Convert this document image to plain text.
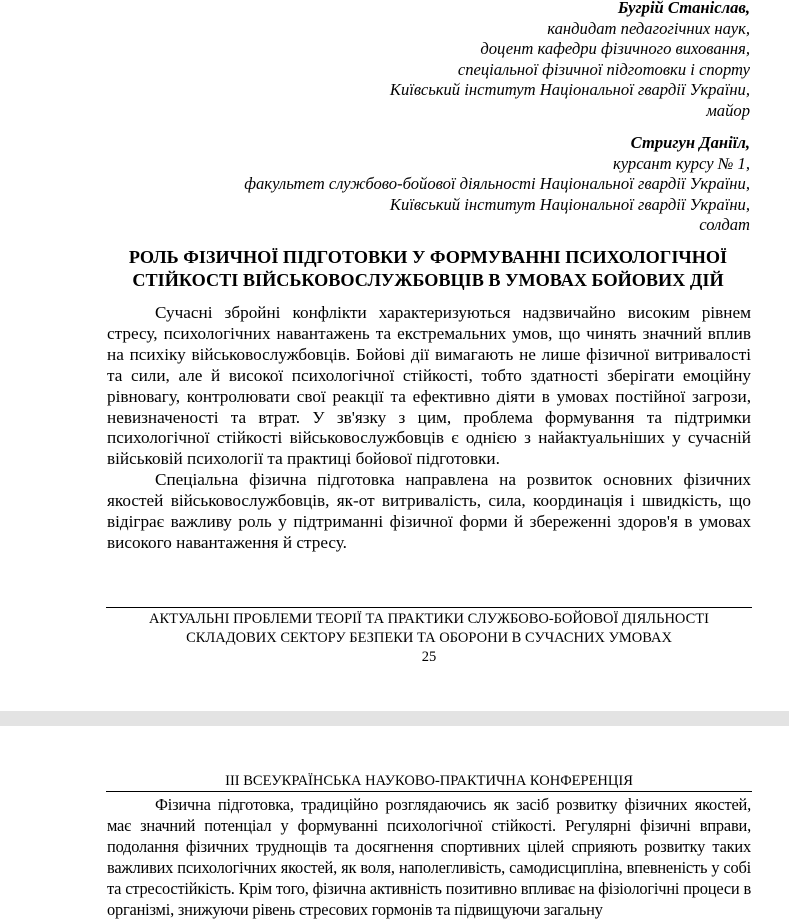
Бугрій Станіслав,
кандидат педагогічних наук,
доцент кафедри фізичного виховання,
спеціальної фізичної підготовки і спорту
Київський інститут Національної гвардії України,
майор
Стригун Даніїл,
курсант курсу № 1,
факультет службово-бойової діяльності Національної гвардії України,
Київський інститут Національної гвардії України,
солдат
РОЛЬ ФІЗИЧНОЇ ПІДГОТОВКИ У ФОРМУВАННІ ПСИХОЛОГІЧНОЇ
СТІЙКОСТІ ВІЙСЬКОВОСЛУЖБОВЦІВ В УМОВАХ БОЙОВИХ ДІЙ

Сучасні збройні конфлікти характеризуються надзвичайно високим рівнем стресу, психологічних навантажень та екстремальних умов, що чинять значний вплив на психіку військовослужбовців. Бойові дії вимагають не лише фізичної витривалості та сили, але й високої психологічної стійкості, тобто здатності зберігати емоційну рівновагу, контролювати свої реакції та ефективно діяти в умовах постійної загрози, невизначеності та втрат. У зв'язку з цим, проблема формування та підтримки психологічної стійкості військовослужбовців є однією з найактуальніших у сучасній військовій психології та практиці бойової підготовки.

Спеціальна фізична підготовка направлена на розвиток основних фізичних якостей військовослужбовців, як-от витривалість, сила, координація і швидкість, що відіграє важливу роль у підтриманні фізичної форми й збереженні здоров'я в умовах високого навантаження й стресу.

АКТУАЛЬНІ ПРОБЛЕМИ ТЕОРІЇ ТА ПРАКТИКИ СЛУЖБОВО-БОЙОВОЇ ДІЯЛЬНОСТІ
СКЛАДОВИХ СЕКТОРУ БЕЗПЕКИ ТА ОБОРОНИ В СУЧАСНИХ УМОВАХ
25
ІІІ ВСЕУКРАЇНСЬКА НАУКОВО-ПРАКТИЧНА КОНФЕРЕНЦІЯ

Фізична підготовка, традиційно розглядаючись як засіб розвитку фізичних якостей, має значний потенціал у формуванні психологічної стійкості. Регулярні фізичні вправи, подолання фізичних труднощів та досягнення спортивних цілей сприяють розвитку таких важливих психологічних якостей, як воля, наполегливість, самодисципліна, впевненість у собі та стресостійкість. Крім того, фізична активність позитивно впливає на фізіологічні процеси в організмі, знижуючи рівень стресових гормонів та підвищуючи загальну
